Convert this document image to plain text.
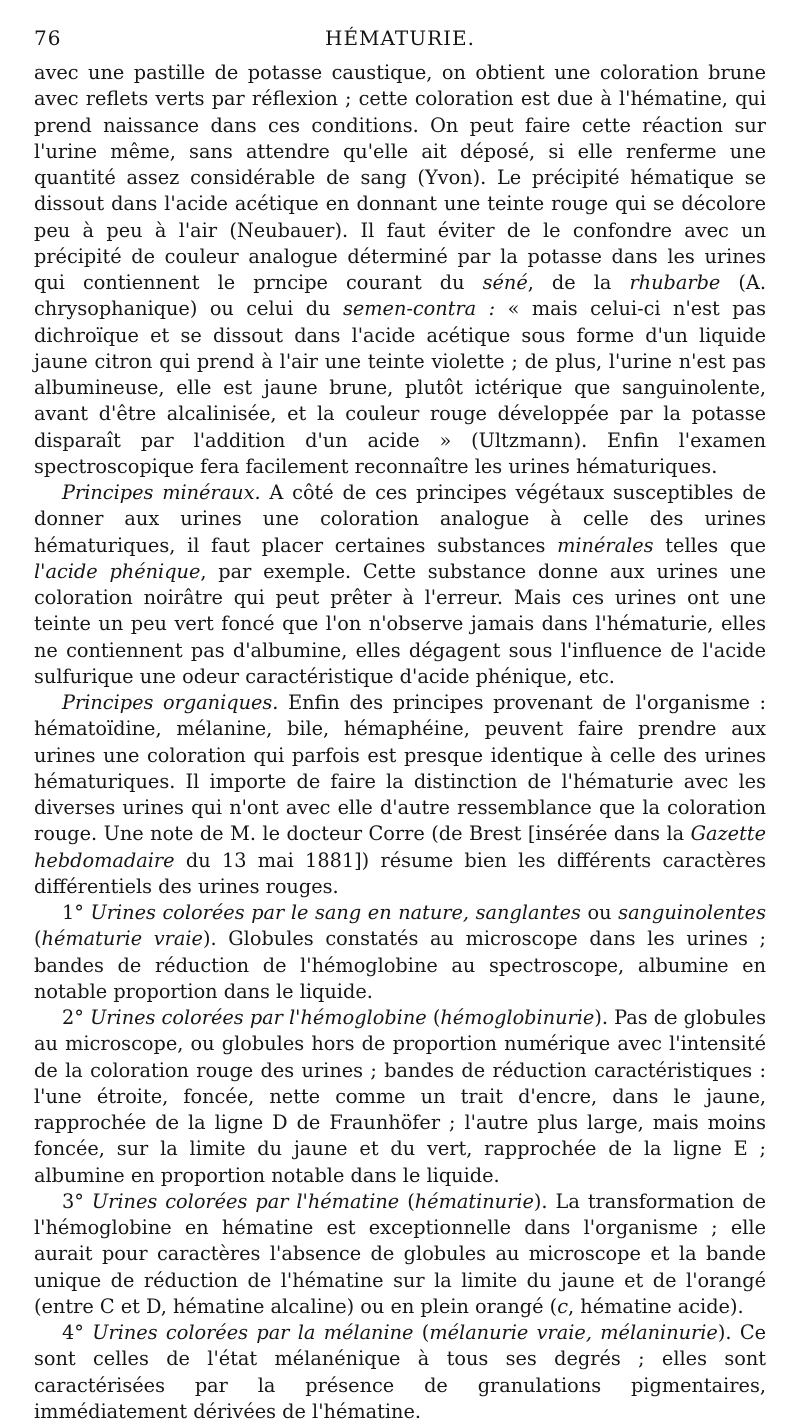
76	HÉMATURIE.

avec une pastille de potasse caustique, on obtient une coloration brune avec reflets verts par réflexion ; cette coloration est due à l'hématine, qui prend naissance dans ces conditions. On peut faire cette réaction sur l'urine même, sans attendre qu'elle ait déposé, si elle renferme une quantité assez considérable de sang (Yvon). Le précipité hématique se dissout dans l'acide acétique en donnant une teinte rouge qui se décolore peu à peu à l'air (Neubauer). Il faut éviter de le confondre avec un précipité de couleur analogue déterminé par la potasse dans les urines qui contiennent le prncipe courant du séné, de la rhubarbe (A. chrysophanique) ou celui du semen-contra : « mais celui-ci n'est pas dichroïque et se dissout dans l'acide acétique sous forme d'un liquide jaune citron qui prend à l'air une teinte violette ; de plus, l'urine n'est pas albumineuse, elle est jaune brune, plutôt ictérique que sanguinolente, avant d'être alcalinisée, et la couleur rouge développée par la potasse disparaît par l'addition d'un acide » (Ultzmann). Enfin l'examen spectroscopique fera facilement reconnaître les urines hématuriques.

Principes minéraux. A côté de ces principes végétaux susceptibles de donner aux urines une coloration analogue à celle des urines hématuriques, il faut placer certaines substances minérales telles que l'acide phénique, par exemple. Cette substance donne aux urines une coloration noirâtre qui peut prêter à l'erreur. Mais ces urines ont une teinte un peu vert foncé que l'on n'observe jamais dans l'hématurie, elles ne contiennent pas d'albumine, elles dégagent sous l'influence de l'acide sulfurique une odeur caractéristique d'acide phénique, etc.

Principes organiques. Enfin des principes provenant de l'organisme : hématoïdine, mélanine, bile, hémaphéine, peuvent faire prendre aux urines une coloration qui parfois est presque identique à celle des urines hématuriques. Il importe de faire la distinction de l'hématurie avec les diverses urines qui n'ont avec elle d'autre ressemblance que la coloration rouge. Une note de M. le docteur Corre (de Brest [insérée dans la Gazette hebdomadaire du 13 mai 1881]) résume bien les différents caractères différentiels des urines rouges.

1° Urines colorées par le sang en nature, sanglantes ou sanguinolentes (hématurie vraie). Globules constatés au microscope dans les urines ; bandes de réduction de l'hémoglobine au spectroscope, albumine en notable proportion dans le liquide.

2° Urines colorées par l'hémoglobine (hémoglobinurie). Pas de globules au microscope, ou globules hors de proportion numérique avec l'intensité de la coloration rouge des urines ; bandes de réduction caractéristiques : l'une étroite, foncée, nette comme un trait d'encre, dans le jaune, rapprochée de la ligne D de Fraunhöfer ; l'autre plus large, mais moins foncée, sur la limite du jaune et du vert, rapprochée de la ligne E ; albumine en proportion notable dans le liquide.

3° Urines colorées par l'hématine (hématinurie). La transformation de l'hémoglobine en hématine est exceptionnelle dans l'organisme ; elle aurait pour caractères l'absence de globules au microscope et la bande unique de réduction de l'hématine sur la limite du jaune et de l'orangé (entre C et D, hématine alcaline) ou en plein orangé (c, hématine acide).

4° Urines colorées par la mélanine (mélanurie vraie, mélaninurie). Ce sont celles de l'état mélanénique à tous ses degrés ; elles sont caractérisées par la présence de granulations pigmentaires, immédiatement dérivées de l'hématine.
